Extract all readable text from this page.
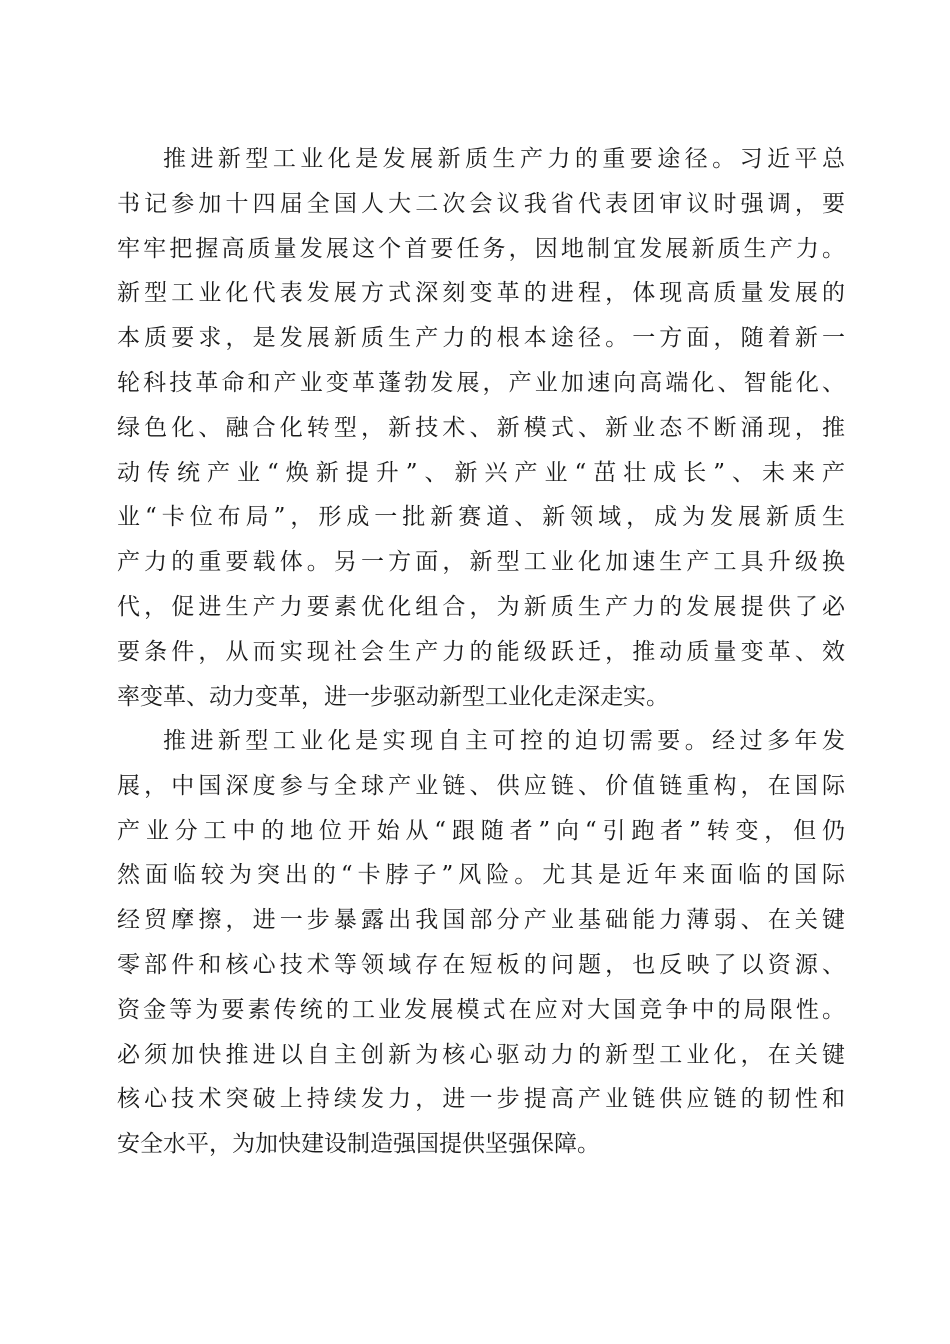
推进新型工业化是发展新质生产力的重要途径。习近平总
书记参加十四届全国人大二次会议我省代表团审议时强调，要
牢牢把握高质量发展这个首要任务，因地制宜发展新质生产力。
新型工业化代表发展方式深刻变革的进程，体现高质量发展的
本质要求，是发展新质生产力的根本途径。一方面，随着新一
轮科技革命和产业变革蓬勃发展，产业加速向高端化、智能化、
绿色化、融合化转型，新技术、新模式、新业态不断涌现，推
动传统产业“焕新提升”、新兴产业“茁壮成长”、未来产
业“卡位布局”，形成一批新赛道、新领域，成为发展新质生
产力的重要载体。另一方面，新型工业化加速生产工具升级换
代，促进生产力要素优化组合，为新质生产力的发展提供了必
要条件，从而实现社会生产力的能级跃迁，推动质量变革、效
率变革、动力变革，进一步驱动新型工业化走深走实。
推进新型工业化是实现自主可控的迫切需要。经过多年发
展，中国深度参与全球产业链、供应链、价值链重构，在国际
产业分工中的地位开始从“跟随者”向“引跑者”转变，但仍
然面临较为突出的“卡脖子”风险。尤其是近年来面临的国际
经贸摩擦，进一步暴露出我国部分产业基础能力薄弱、在关键
零部件和核心技术等领域存在短板的问题，也反映了以资源、
资金等为要素传统的工业发展模式在应对大国竞争中的局限性。
必须加快推进以自主创新为核心驱动力的新型工业化，在关键
核心技术突破上持续发力，进一步提高产业链供应链的韧性和
安全水平，为加快建设制造强国提供坚强保障。
